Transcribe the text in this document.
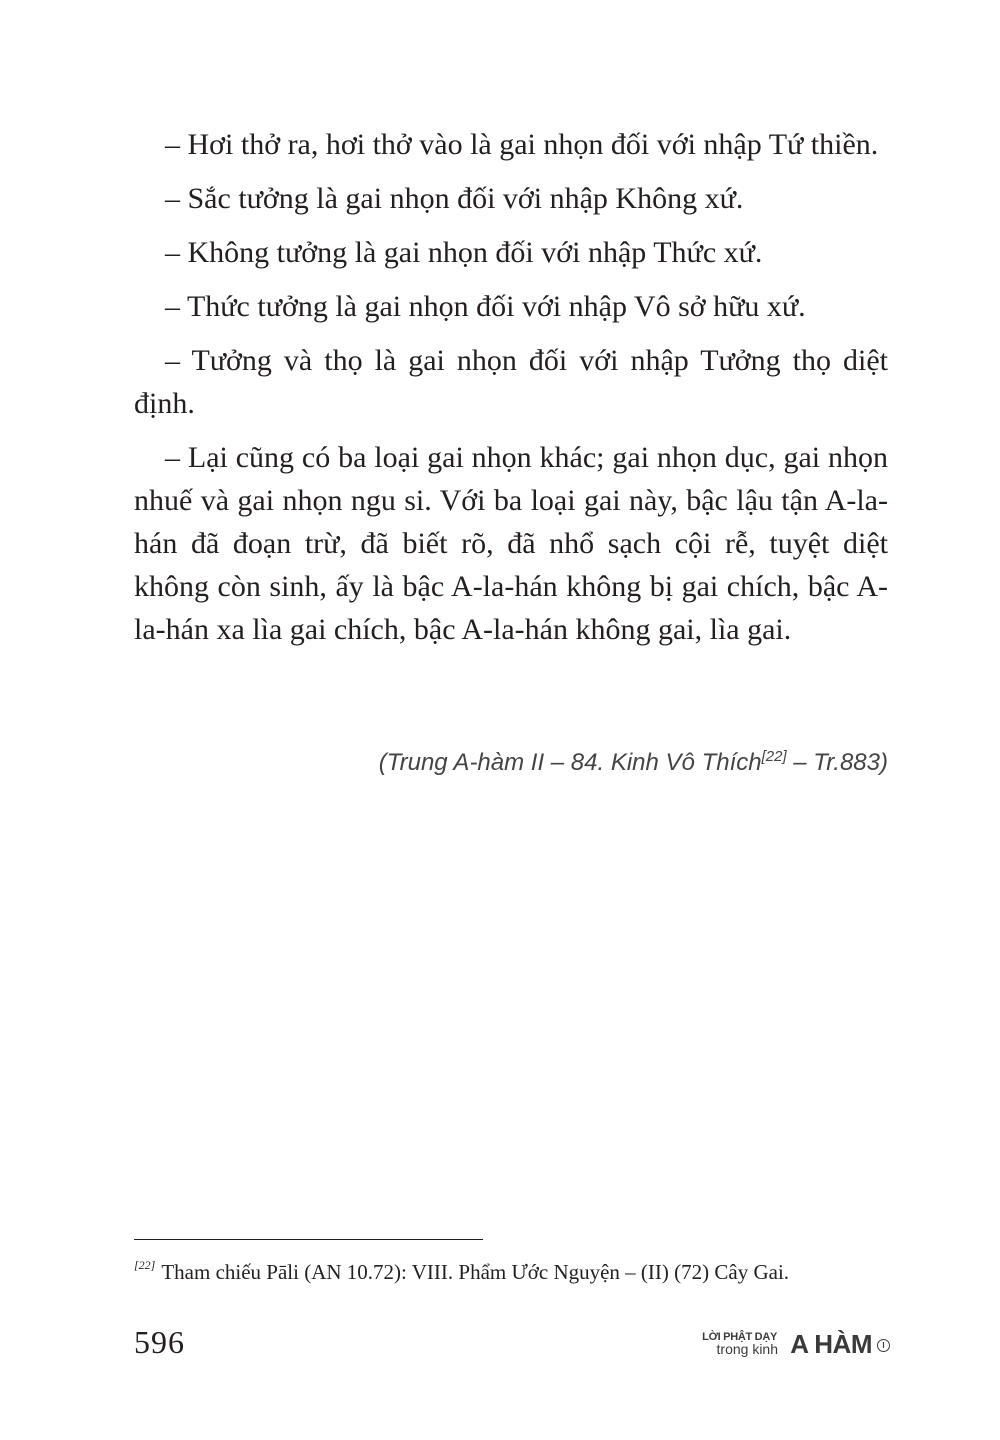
– Hơi thở ra, hơi thở vào là gai nhọn đối với nhập Tứ thiền.

– Sắc tưởng là gai nhọn đối với nhập Không xứ.

– Không tưởng là gai nhọn đối với nhập Thức xứ.

– Thức tưởng là gai nhọn đối với nhập Vô sở hữu xứ.

– Tưởng và thọ là gai nhọn đối với nhập Tưởng thọ diệt định.

– Lại cũng có ba loại gai nhọn khác; gai nhọn dục, gai nhọn nhuế và gai nhọn ngu si. Với ba loại gai này, bậc lậu tận A-la-hán đã đoạn trừ, đã biết rõ, đã nhổ sạch cội rễ, tuyệt diệt không còn sinh, ấy là bậc A-la-hán không bị gai chích, bậc A-la-hán xa lìa gai chích, bậc A-la-hán không gai, lìa gai.

(Trung A-hàm II – 84. Kinh Vô Thích[22] – Tr.883)
[22] Tham chiếu Pāli (AN 10.72): VIII. Phẩm Ước Nguyện – (II) (72) Cây Gai.
596	LỜI PHẬT DẠY
trong kinh A HÀM	I
